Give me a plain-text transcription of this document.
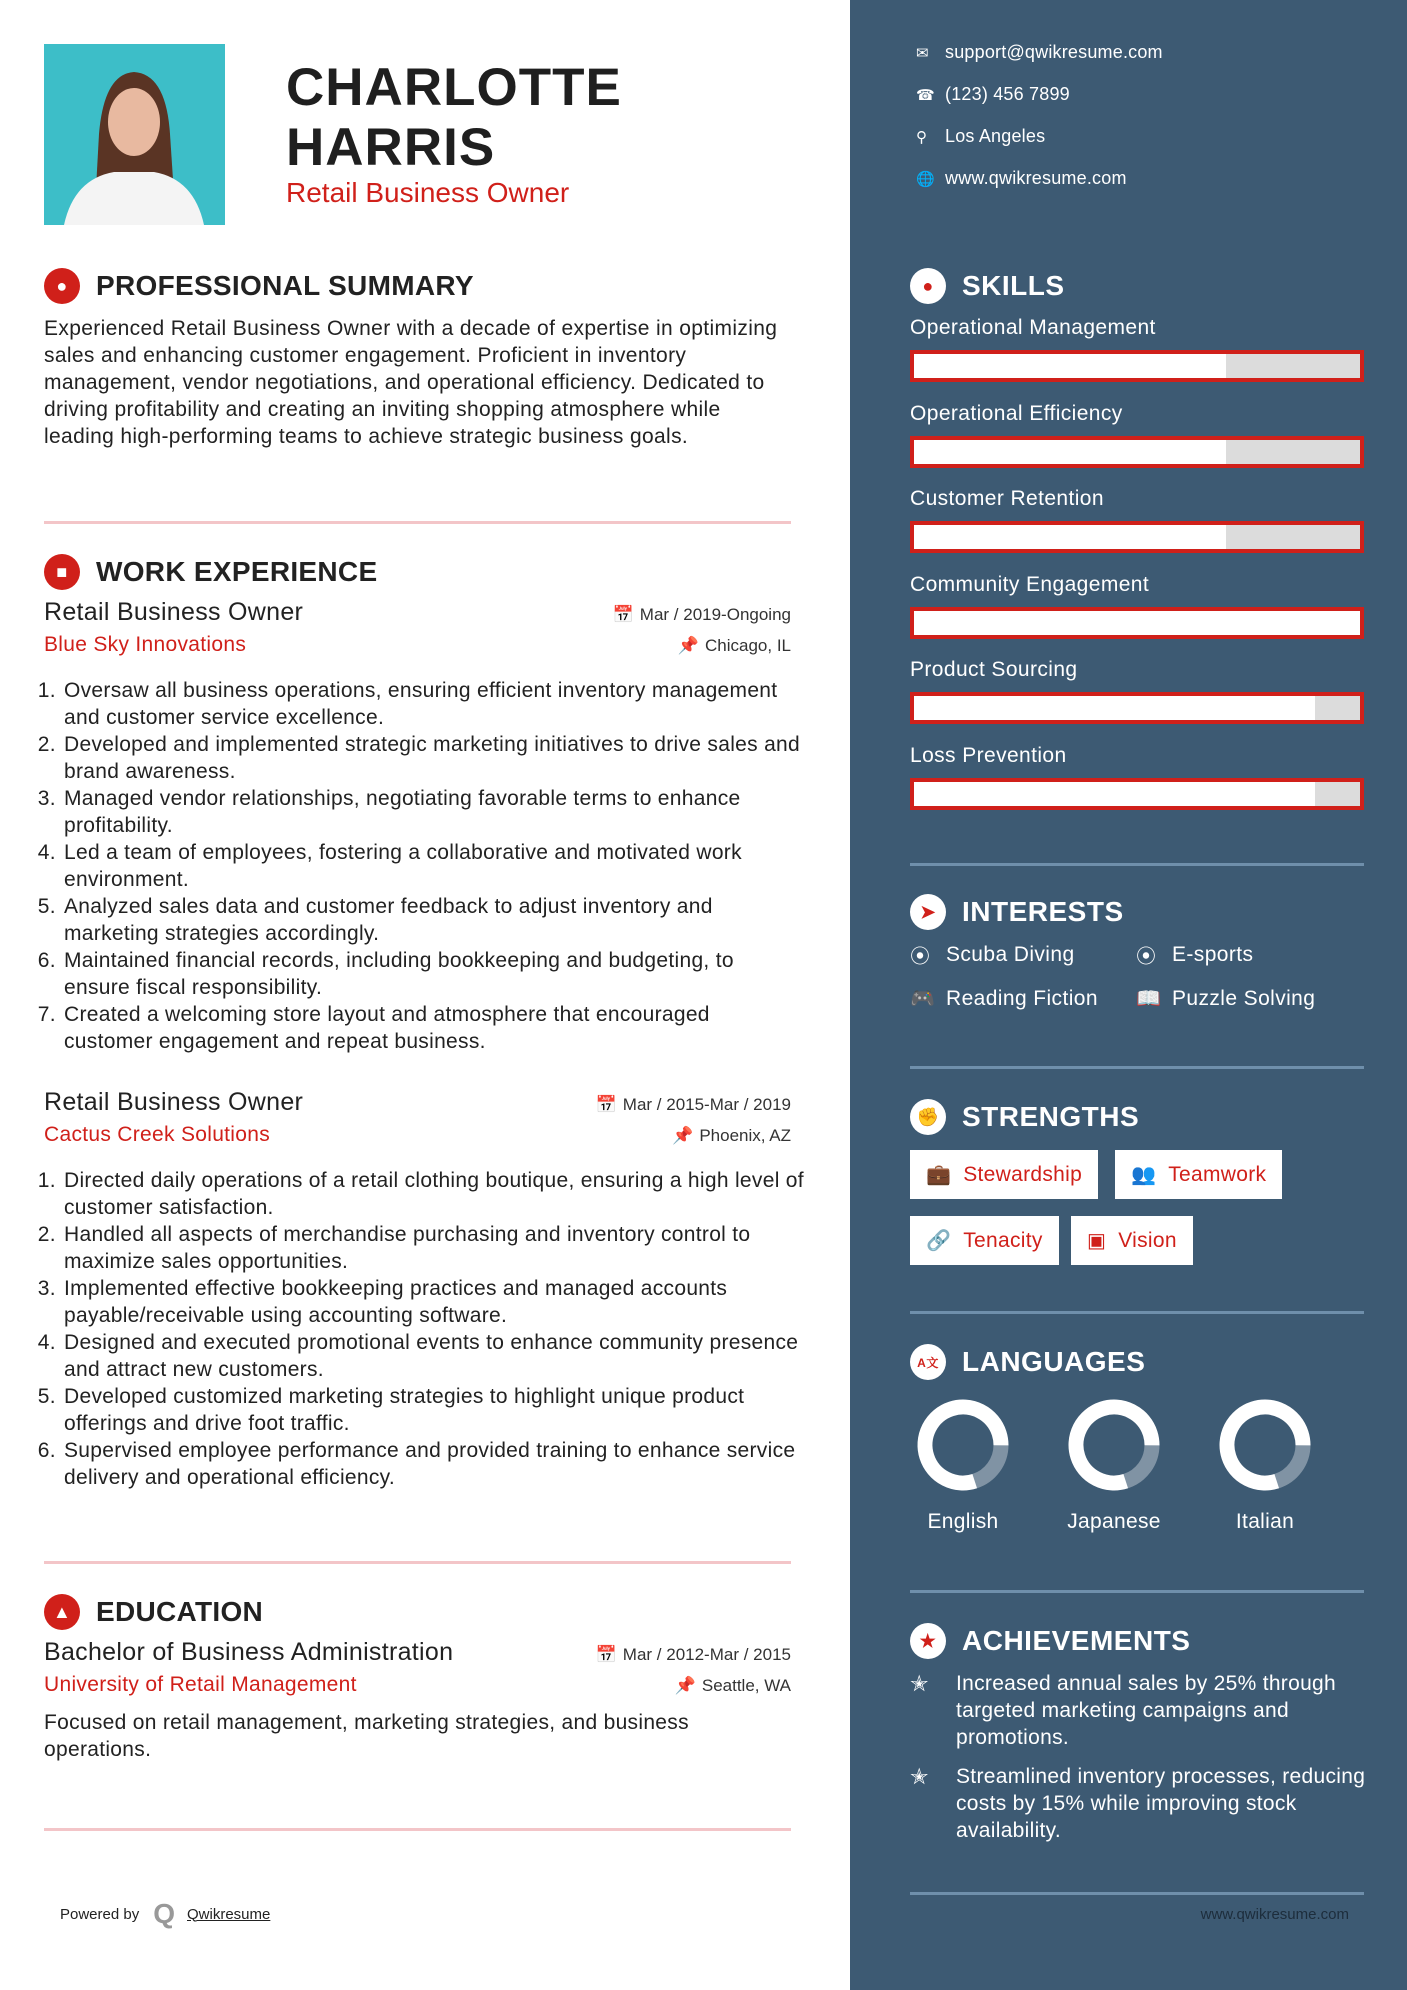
CHARLOTTE
HARRIS
Retail Business Owner
●	PROFESSIONAL SUMMARY
Experienced Retail Business Owner with a decade of expertise in optimizing sales and enhancing customer engagement. Proficient in inventory management, vendor negotiations, and operational efficiency. Dedicated to driving profitability and creating an inviting shopping atmosphere while leading high-performing teams to achieve strategic business goals.
■	WORK EXPERIENCE
Retail Business Owner	📅 Mar / 2019-Ongoing
Blue Sky Innovations	📌 Chicago, IL
1. Oversaw all business operations, ensuring efficient inventory management and customer service excellence.
2. Developed and implemented strategic marketing initiatives to drive sales and brand awareness.
3. Managed vendor relationships, negotiating favorable terms to enhance profitability.
4. Led a team of employees, fostering a collaborative and motivated work environment.
5. Analyzed sales data and customer feedback to adjust inventory and marketing strategies accordingly.
6. Maintained financial records, including bookkeeping and budgeting, to ensure fiscal responsibility.
7. Created a welcoming store layout and atmosphere that encouraged customer engagement and repeat business.
Retail Business Owner	📅 Mar / 2015-Mar / 2019
Cactus Creek Solutions	📌 Phoenix, AZ
1. Directed daily operations of a retail clothing boutique, ensuring a high level of customer satisfaction.
2. Handled all aspects of merchandise purchasing and inventory control to maximize sales opportunities.
3. Implemented effective bookkeeping practices and managed accounts payable/receivable using accounting software.
4. Designed and executed promotional events to enhance community presence and attract new customers.
5. Developed customized marketing strategies to highlight unique product offerings and drive foot traffic.
6. Supervised employee performance and provided training to enhance service delivery and operational efficiency.
▲ EDUCATION
Bachelor of Business Administration	📅 Mar / 2012-Mar / 2015
University of Retail Management	📌 Seattle, WA
Focused on retail management, marketing strategies, and business operations.
Powered by Q Qwikresume
✉ support@qwikresume.com
☎ (123) 456 7899
⚲ Los Angeles
🌐 www.qwikresume.com
●	SKILLS
Operational Management
Operational Efficiency
Customer Retention
Community Engagement
Product Sourcing
Loss Prevention
➤ INTERESTS
⦿ Scuba Diving	⦿ E-sports
🎮 Reading Fiction 📖 Puzzle Solving
✊ STRENGTHS
💼 Stewardship 👥 Teamwork
🔗 Tenacity ▣ Vision
A文 LANGUAGES
English	Japanese	Italian
★ ACHIEVEMENTS
✭	Increased annual sales by 25% through targeted marketing campaigns and promotions.
✭	Streamlined inventory processes, reducing costs by 15% while improving stock availability.
www.qwikresume.com
